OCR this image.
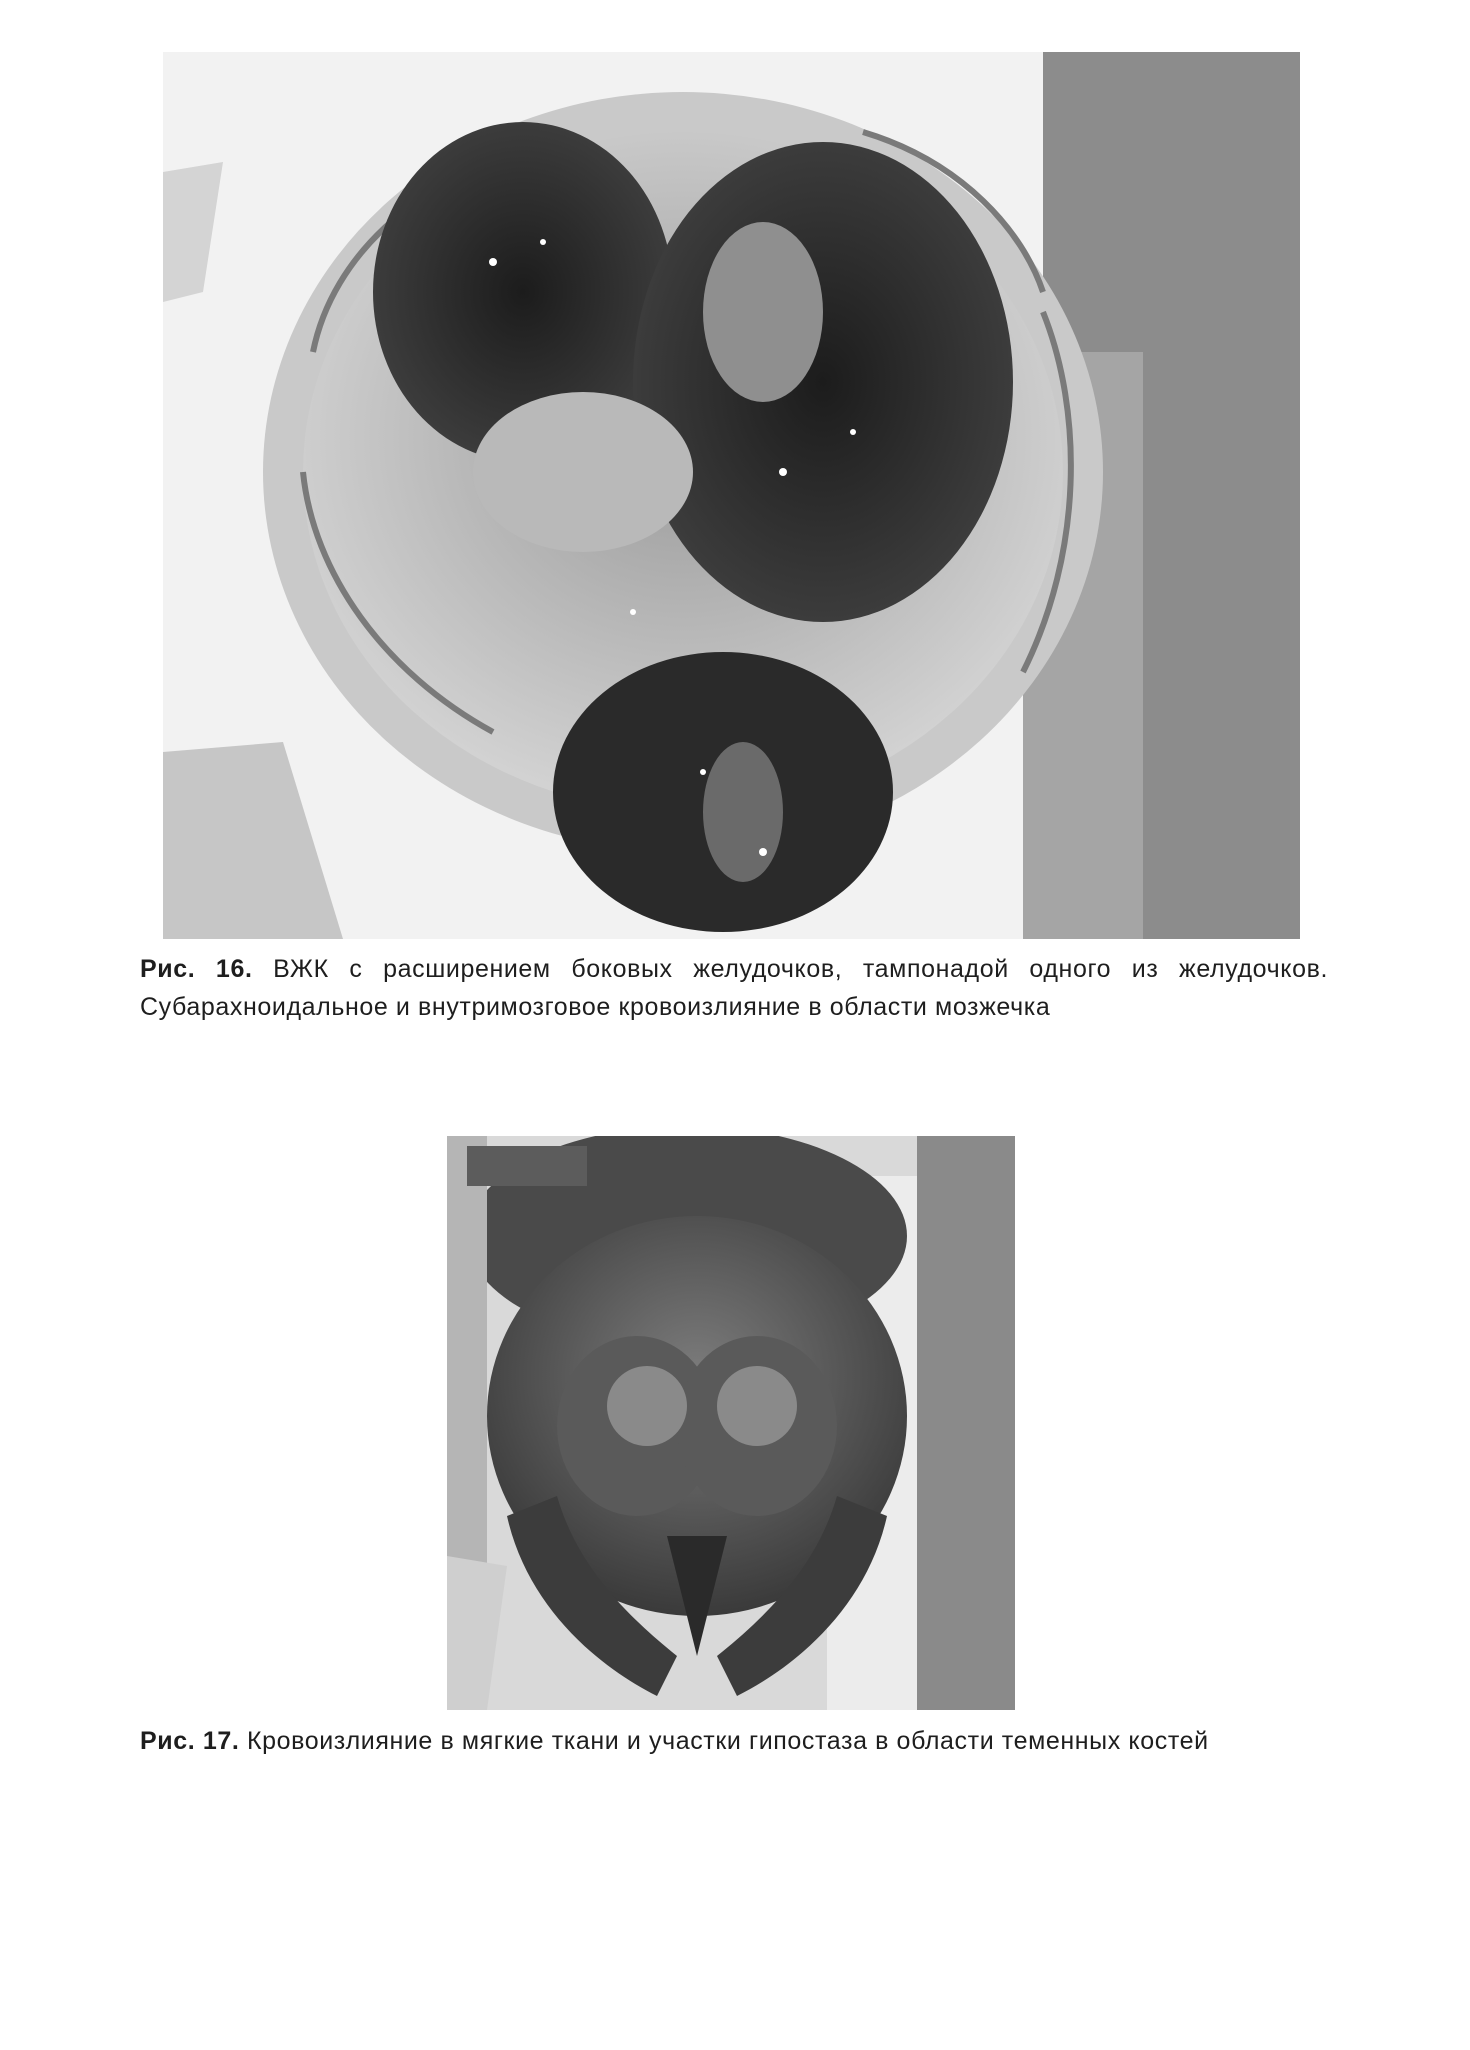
Рис. 16. ВЖК с расширением боковых желудочков, тампонадой одного из желудочков. Субарахноидальное и внутримозговое кровоизлияние в области мозжечка

Рис. 17. Кровоизлияние в мягкие ткани и участки гипостаза в области теменных костей
